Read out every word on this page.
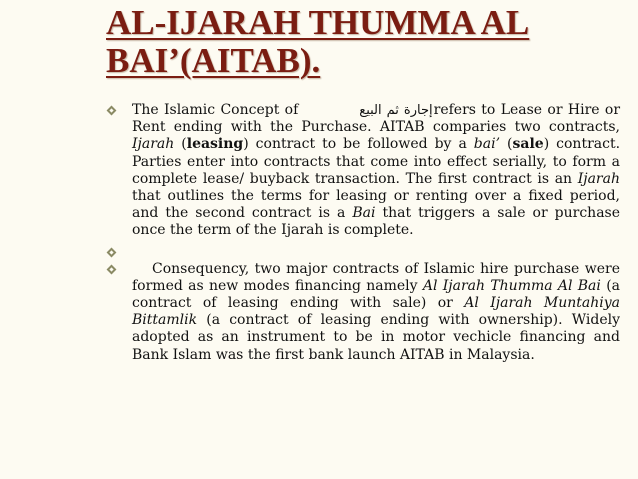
AL-IJARAH THUMMA AL
BAI’(AITAB).

The Islamic Concept of	إجارة ثم البيعrefers to Lease or Hire or Rent ending with the Purchase. AITAB comparies two contracts, Ijarah (leasing) contract to be followed by a bai’ (sale) contract. Parties enter into contracts that come into effect serially, to form a complete lease/ buyback transaction. The first contract is an Ijarah that outlines the terms for leasing or renting over a fixed period, and the second contract is a Bai that triggers a sale or purchase once the term of the Ijarah is complete.

Consequency, two major contracts of Islamic hire purchase were formed as new modes financing namely Al Ijarah Thumma Al Bai (a contract of leasing ending with sale) or Al Ijarah Muntahiya Bittamlik (a contract of leasing ending with ownership). Widely adopted as an instrument to be in motor vechicle financing and Bank Islam was the first bank launch AITAB in Malaysia.
